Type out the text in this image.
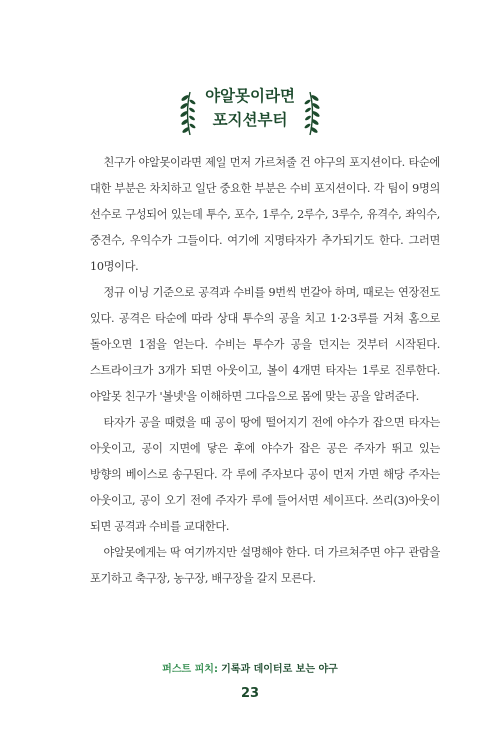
야알못이라면
포지션부터

친구가 야알못이라면 제일 먼저 가르쳐줄 건 야구의 포지션이다. 타순에 대한 부분은 차치하고 일단 중요한 부분은 수비 포지션이다. 각 팀이 9명의 선수로 구성되어 있는데 투수, 포수, 1루수, 2루수, 3루수, 유격수, 좌익수, 중견수, 우익수가 그들이다. 여기에 지명타자가 추가되기도 한다. 그러면 10명이다.

정규 이닝 기준으로 공격과 수비를 9번씩 번갈아 하며, 때로는 연장전도 있다. 공격은 타순에 따라 상대 투수의 공을 치고 1·2·3루를 거쳐 홈으로 돌아오면 1점을 얻는다. 수비는 투수가 공을 던지는 것부터 시작된다. 스트라이크가 3개가 되면 아웃이고, 볼이 4개면 타자는 1루로 진루한다. 야알못 친구가 '볼넷'을 이해하면 그다음으로 몸에 맞는 공을 알려준다.

타자가 공을 때렸을 때 공이 땅에 떨어지기 전에 야수가 잡으면 타자는 아웃이고, 공이 지면에 닿은 후에 야수가 잡은 공은 주자가 뛰고 있는 방향의 베이스로 송구된다. 각 루에 주자보다 공이 먼저 가면 해당 주자는 아웃이고, 공이 오기 전에 주자가 루에 들어서면 세이프다. 쓰리(3)아웃이 되면 공격과 수비를 교대한다.

야알못에게는 딱 여기까지만 설명해야 한다. 더 가르쳐주면 야구 관람을 포기하고 축구장, 농구장, 배구장을 갈지 모른다.

퍼스트 피치: 기록과 데이터로 보는 야구
23
